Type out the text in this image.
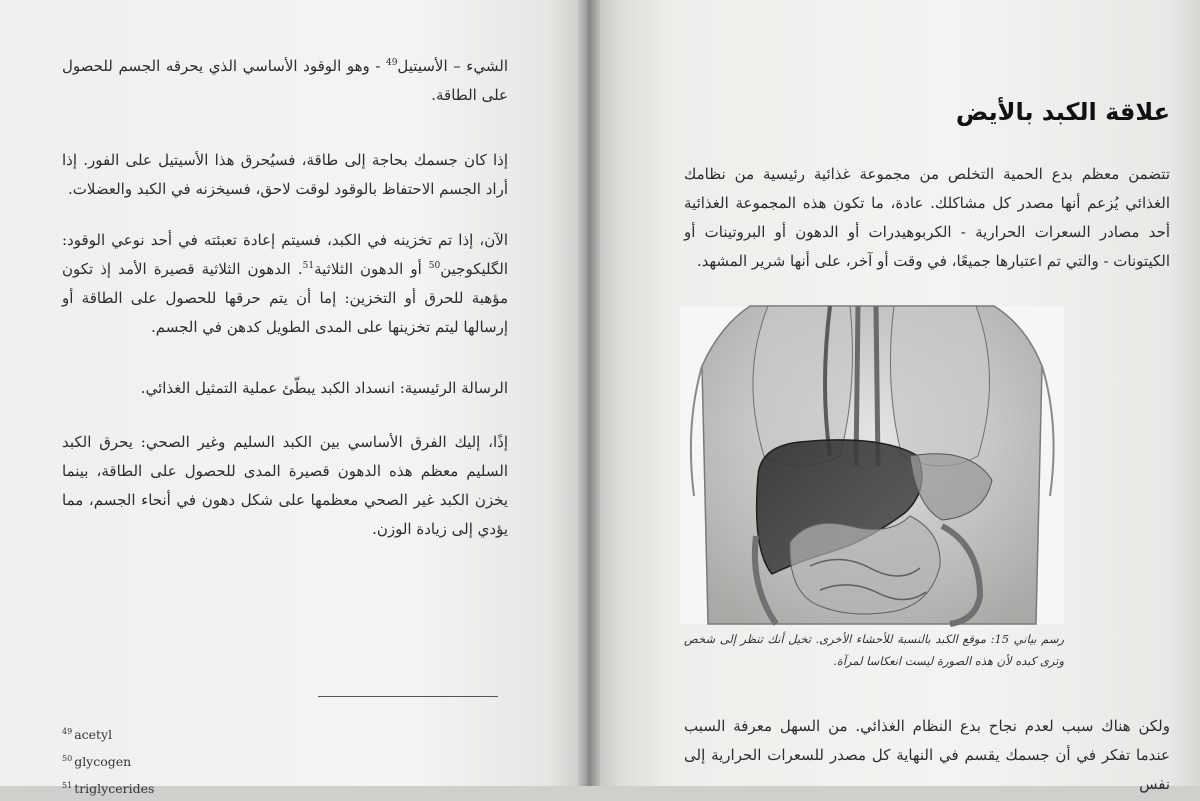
الشيء – الأسيتيل$^{49}$ - وهو الوقود الأساسي الذي يحرقه الجسم للحصول على الطاقة.

إذا كان جسمك بحاجة إلى طاقة، فسيُحرق هذا الأسيتيل على الفور. إذا أراد الجسم الاحتفاظ بالوقود لوقت لاحق، فسيخزنه في الكبد والعضلات.

الآن، إذا تم تخزينه في الكبد، فسيتم إعادة تعبئته في أحد نوعي الوقود: الگليكوجين$^{50}$ أو الدهون الثلاثية$^{51}$. الدهون الثلاثية قصيرة الأمد إذ تكون مؤهبة للحرق أو التخزين: إما أن يتم حرقها للحصول على الطاقة أو إرسالها ليتم تخزينها على المدى الطويل كدهن في الجسم.

الرسالة الرئيسية: انسداد الكبد يبطّئ عملية التمثيل الغذائي.

إذًا، إليك الفرق الأساسي بين الكبد السليم وغير الصحي: يحرق الكبد السليم معظم هذه الدهون قصيرة المدى للحصول على الطاقة، بينما يخزن الكبد غير الصحي معظمها على شكل دهون في أنحاء الجسم، مما يؤدي إلى زيادة الوزن.

$^{49}$ acetyl
$^{50}$ glycogen
$^{51}$ triglycerides
علاقة الكبد بالأيض

تتضمن معظم بدع الحمية التخلص من مجموعة غذائية رئيسية من نظامك الغذائي يُزعم أنها مصدر كل مشاكلك. عادة، ما تكون هذه المجموعة الغذائية أحد مصادر السعرات الحرارية - الكربوهيدرات أو الدهون أو البروتينات أو الكيتونات - والتي تم اعتبارها جميعًا، في وقت أو آخر، على أنها شرير المشهد.

رسم بياني 15: موقع الكبد بالنسبة للأحشاء الأخرى. تخيل أنك تنظر إلى شخص وترى كبده لأن هذه الصورة ليست انعكاسا لمرآة.

ولكن هناك سبب لعدم نجاح بدع النظام الغذائي. من السهل معرفة السبب عندما تفكر في أن جسمك يقسم في النهاية كل مصدر للسعرات الحرارية إلى نفس
